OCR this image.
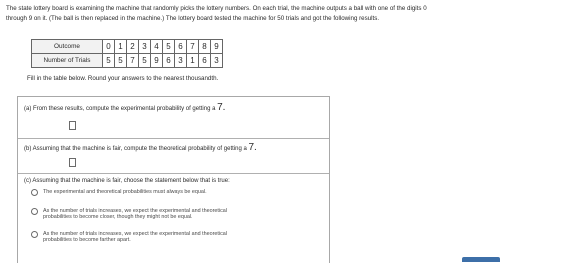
The state lottery board is examining the machine that randomly picks the lottery numbers. On each trial, the machine outputs a ball with one of the digits 0
through 9 on it. (The ball is then replaced in the machine.) The lottery board tested the machine for 50 trials and got the following results.
Outcome	0	1	2	3	4	5	6	7	8	9
Number of Trials	5	5	7	5	9	6	3	1	6	3
Fill in the table below. Round your answers to the nearest thousandth.
(a) From these results, compute the experimental probability of getting a 7.
(b) Assuming that the machine is fair, compute the theoretical probability of getting a 7.
(c) Assuming that the machine is fair, choose the statement below that is true:
The experimental and theoretical probabilities must always be equal.
As the number of trials increases, we expect the experimental and theoretical
probabilities to become closer, though they might not be equal.
As the number of trials increases, we expect the experimental and theoretical
probabilities to become farther apart.
